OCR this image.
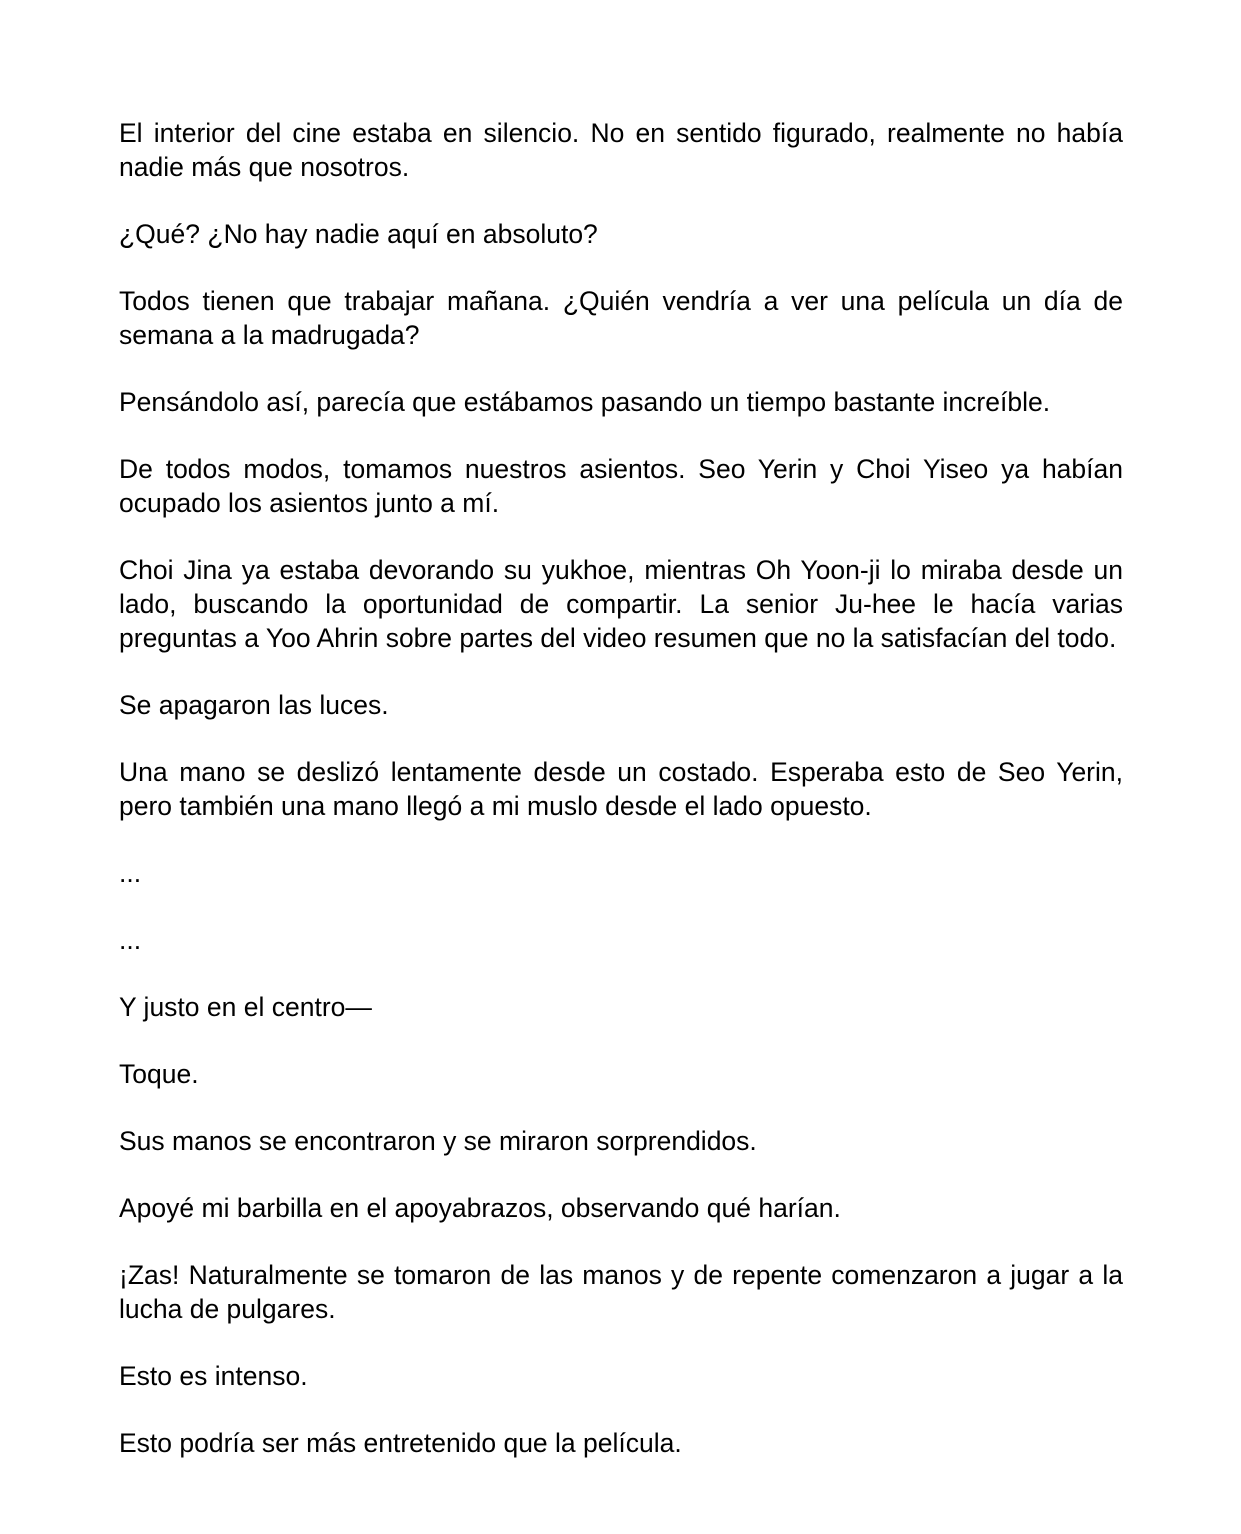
El interior del cine estaba en silencio. No en sentido figurado, realmente no había nadie más que nosotros.

¿Qué? ¿No hay nadie aquí en absoluto?

Todos tienen que trabajar mañana. ¿Quién vendría a ver una película un día de semana a la madrugada?

Pensándolo así, parecía que estábamos pasando un tiempo bastante increíble.

De todos modos, tomamos nuestros asientos. Seo Yerin y Choi Yiseo ya habían ocupado los asientos junto a mí.

Choi Jina ya estaba devorando su yukhoe, mientras Oh Yoon-ji lo miraba desde un lado, buscando la oportunidad de compartir. La senior Ju-hee le hacía varias preguntas a Yoo Ahrin sobre partes del video resumen que no la satisfacían del todo.

Se apagaron las luces.

Una mano se deslizó lentamente desde un costado. Esperaba esto de Seo Yerin, pero también una mano llegó a mi muslo desde el lado opuesto.

...

...

Y justo en el centro—

Toque.

Sus manos se encontraron y se miraron sorprendidos.

Apoyé mi barbilla en el apoyabrazos, observando qué harían.

¡Zas! Naturalmente se tomaron de las manos y de repente comenzaron a jugar a la lucha de pulgares.

Esto es intenso.

Esto podría ser más entretenido que la película.
